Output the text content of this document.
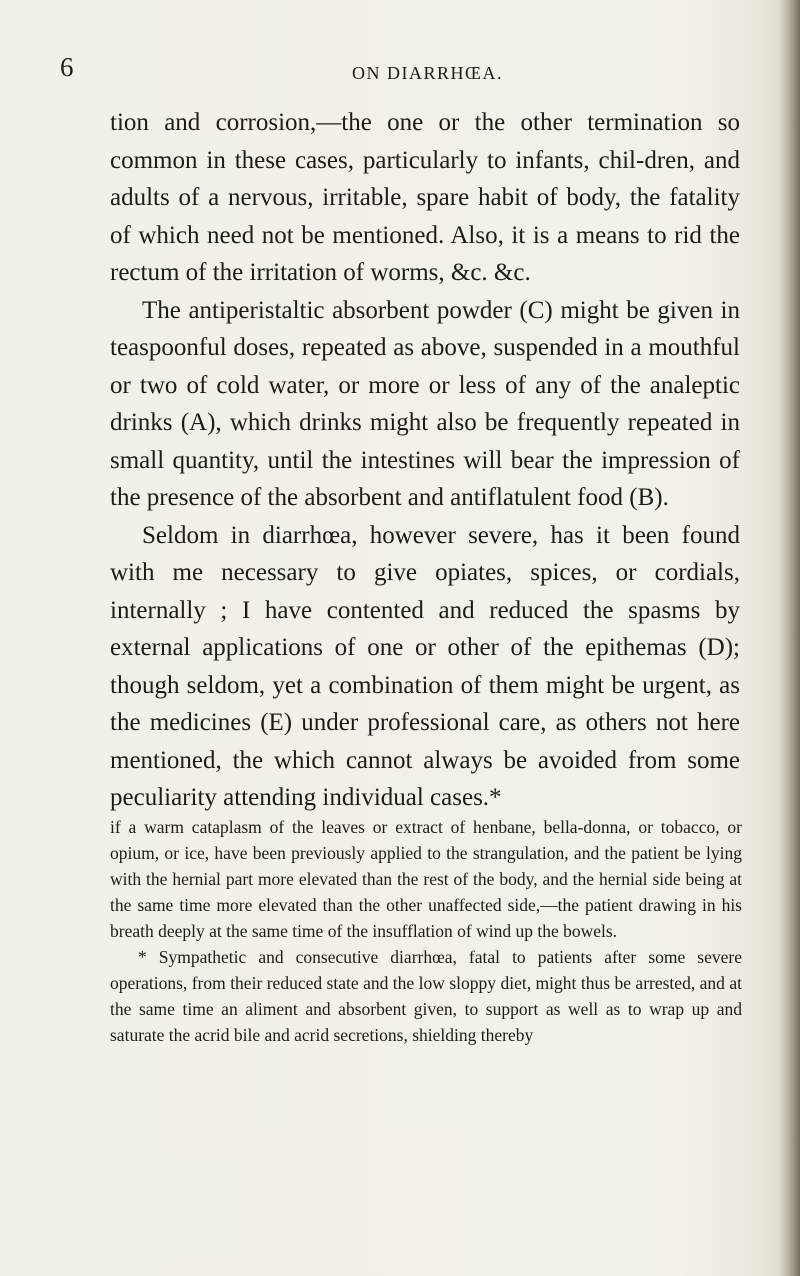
6	ON DIARRHŒA.

tion and corrosion,—the one or the other termination so common in these cases, particularly to infants, chil-dren, and adults of a nervous, irritable, spare habit of body, the fatality of which need not be mentioned. Also, it is a means to rid the rectum of the irritation of worms, &c. &c.

The antiperistaltic absorbent powder (C) might be given in teaspoonful doses, repeated as above, suspended in a mouthful or two of cold water, or more or less of any of the analeptic drinks (A), which drinks might also be frequently repeated in small quantity, until the intestines will bear the impression of the presence of the absorbent and antiflatulent food (B).

Seldom in diarrhœa, however severe, has it been found with me necessary to give opiates, spices, or cordials, internally ; I have contented and reduced the spasms by external applications of one or other of the epithemas (D); though seldom, yet a combination of them might be urgent, as the medicines (E) under professional care, as others not here mentioned, the which cannot always be avoided from some peculiarity attending individual cases.*

if a warm cataplasm of the leaves or extract of henbane, bella-donna, or tobacco, or opium, or ice, have been previously applied to the strangulation, and the patient be lying with the hernial part more elevated than the rest of the body, and the hernial side being at the same time more elevated than the other unaffected side,—the patient drawing in his breath deeply at the same time of the insufflation of wind up the bowels.

* Sympathetic and consecutive diarrhœa, fatal to patients after some severe operations, from their reduced state and the low sloppy diet, might thus be arrested, and at the same time an aliment and absorbent given, to support as well as to wrap up and saturate the acrid bile and acrid secretions, shielding thereby
